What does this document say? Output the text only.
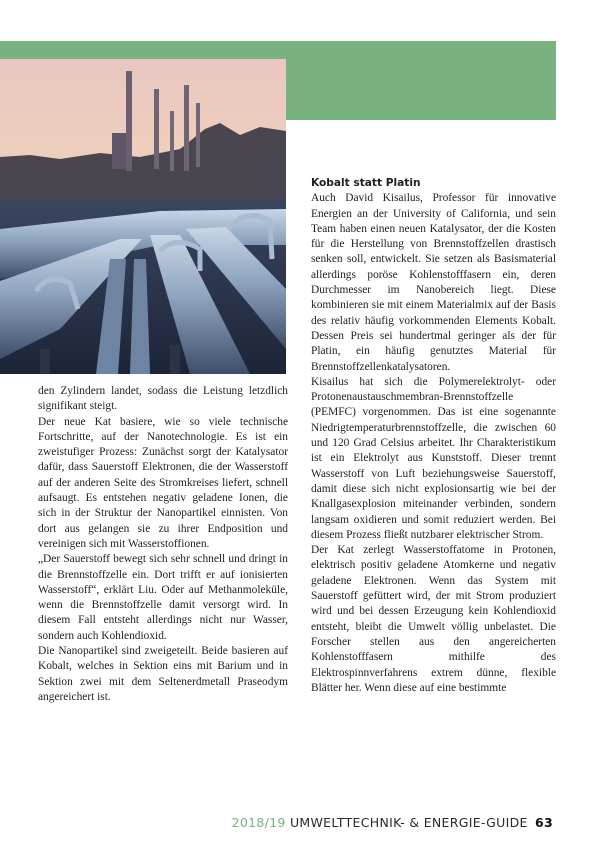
den Zylindern landet, sodass die Leistung letzdlich signifikant steigt.

Der neue Kat basiere, wie so viele technische Fortschritte, auf der Nanotechnologie. Es ist ein zweistufiger Prozess: Zunächst sorgt der Katalysator dafür, dass Sauerstoff Elektronen, die der Wasserstoff auf der anderen Seite des Stromkreises liefert, schnell aufsaugt. Es entstehen negativ geladene Ionen, die sich in der Struktur der Nanopartikel einnisten. Von dort aus gelangen sie zu ihrer Endposition und vereinigen sich mit Wasserstoffionen.

„Der Sauerstoff bewegt sich sehr schnell und dringt in die Brennstoffzelle ein. Dort trifft er auf ionisierten Wasserstoff“, erklärt Liu. Oder auf Methanmoleküle, wenn die Brennstoffzelle damit versorgt wird. In diesem Fall entsteht allerdings nicht nur Wasser, sondern auch Kohlendioxid.

Die Nanopartikel sind zweigeteilt. Beide basieren auf Kobalt, welches in Sektion eins mit Barium und in Sektion zwei mit dem Seltenerdmetall Praseodym angereichert ist.

Kobalt statt Platin

Auch David Kisailus, Professor für innovative Energien an der University of California, und sein Team haben einen neuen Katalysator, der die Kosten für die Herstellung von Brennstoffzellen drastisch senken soll, entwickelt. Sie setzen als Basismaterial allerdings poröse Kohlenstofffasern ein, deren Durchmesser im Nanobereich liegt. Diese kombinieren sie mit einem Materialmix auf der Basis des relativ häufig vorkommenden Elements Kobalt. Dessen Preis sei hundertmal geringer als der für Platin, ein häufig genutztes Material für Brennstoffzellenkatalysatoren.

Kisailus hat sich die Polymerelektrolyt- oder Protonenaustauschmembran-Brennstoffzelle (PEMFC) vorgenommen. Das ist eine sogenannte Niedrigtemperaturbrennstoffzelle, die zwischen 60 und 120 Grad Celsius arbeitet. Ihr Charakteristikum ist ein Elektrolyt aus Kunststoff. Dieser trennt Wasserstoff von Luft beziehungsweise Sauerstoff, damit diese sich nicht explosionsartig wie bei der Knallgasexplosion miteinander verbinden, sondern langsam oxidieren und somit reduziert werden. Bei diesem Prozess fließt nutzbarer elektrischer Strom.

Der Kat zerlegt Wasserstoffatome in Protonen, elektrisch positiv geladene Atomkerne und negativ geladene Elektronen. Wenn das System mit Sauerstoff gefüttert wird, der mit Strom produziert wird und bei dessen Erzeugung kein Kohlendioxid entsteht, bleibt die Umwelt völlig unbelastet. Die Forscher stellen aus den angereicherten Kohlenstofffasern mithilfe des Elektrospinnverfahrens extrem dünne, flexible Blätter her. Wenn diese auf eine bestimmte

2018/19 UMWELTTECHNIK- & ENERGIE-GUIDE 63
